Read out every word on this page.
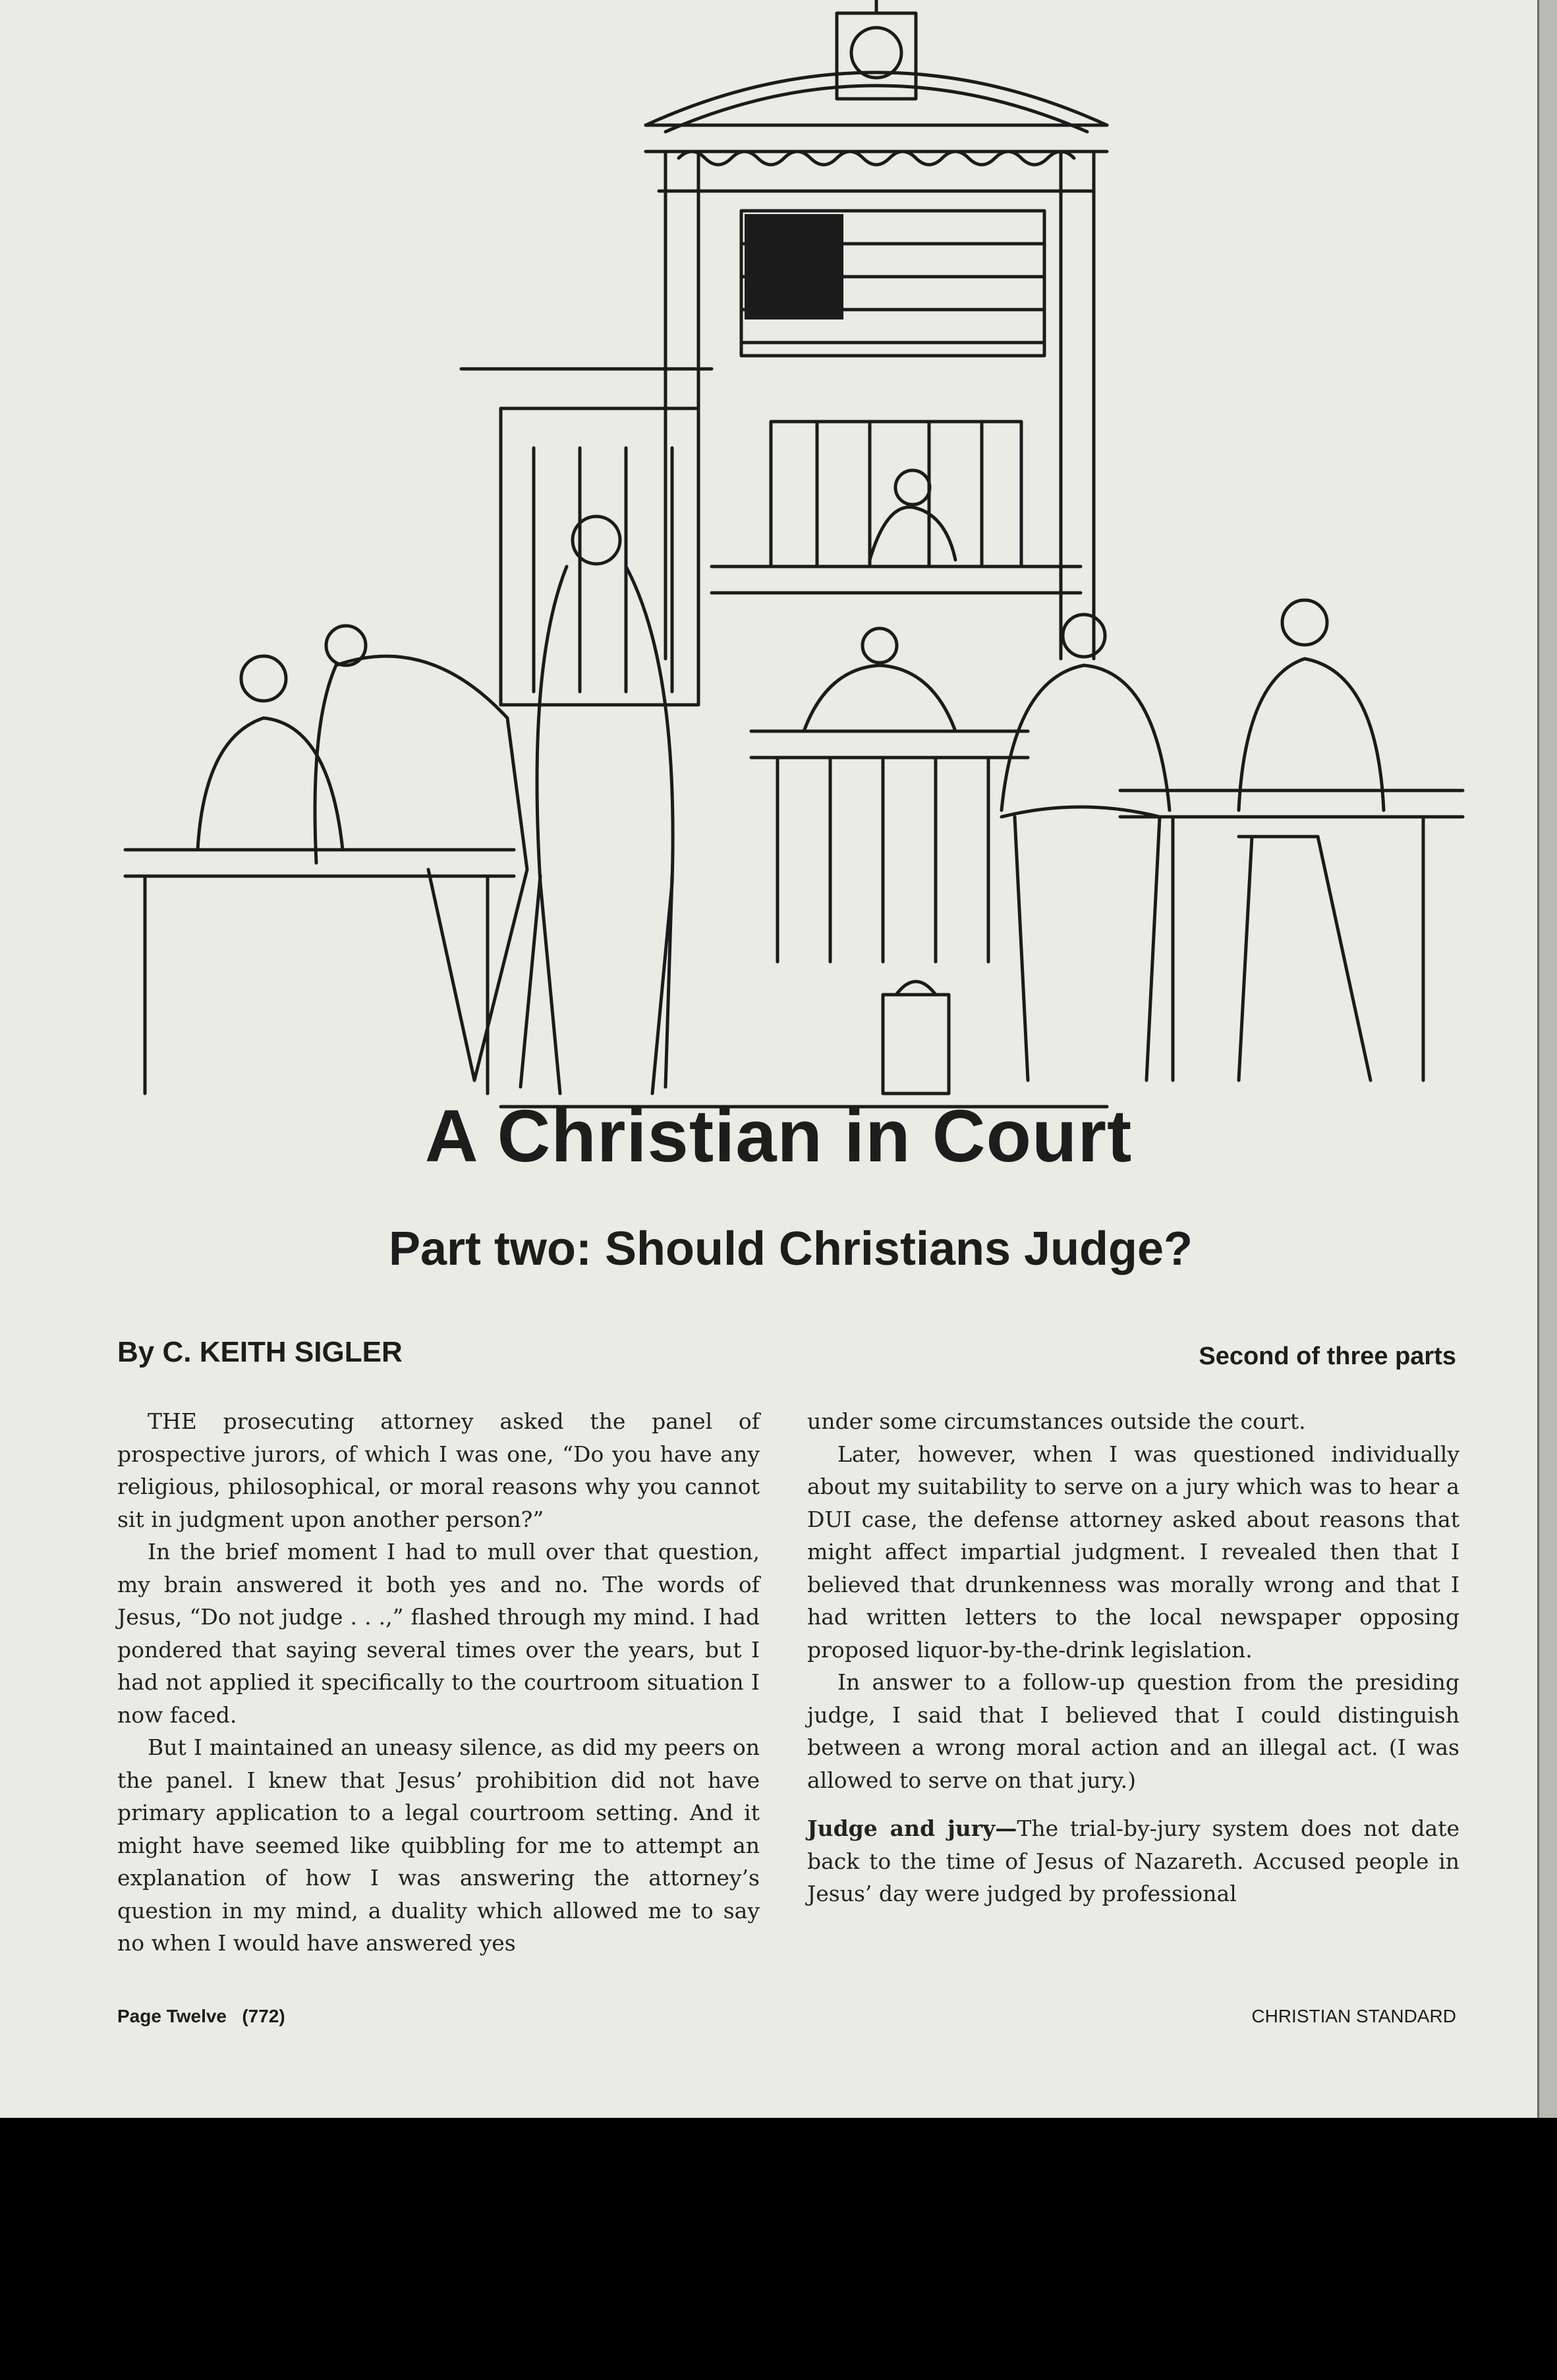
A Christian in Court
Part two: Should Christians Judge?
By C. KEITH SIGLER	Second of three parts

THE prosecuting attorney asked the panel of prospective jurors, of which I was one, “Do you have any religious, philosophical, or moral reasons why you cannot sit in judgment upon another person?”

In the brief moment I had to mull over that question, my brain answered it both yes and no. The words of Jesus, “Do not judge . . .,” flashed through my mind. I had pondered that saying several times over the years, but I had not applied it specifically to the courtroom situation I now faced.

But I maintained an uneasy silence, as did my peers on the panel. I knew that Jesus’ prohibition did not have primary application to a legal courtroom setting. And it might have seemed like quibbling for me to attempt an explanation of how I was answering the attorney’s question in my mind, a duality which allowed me to say no when I would have answered yes

under some circumstances outside the court.

Later, however, when I was questioned individually about my suitability to serve on a jury which was to hear a DUI case, the defense attorney asked about reasons that might affect impartial judgment. I revealed then that I believed that drunkenness was morally wrong and that I had written letters to the local newspaper opposing proposed liquor-by-the-drink legislation.

In answer to a follow-up question from the presiding judge, I said that I believed that I could distinguish between a wrong moral action and an illegal act. (I was allowed to serve on that jury.)

Judge and jury—The trial-by-jury system does not date back to the time of Jesus of Nazareth. Accused people in Jesus’ day were judged by professional

Page Twelve   (772)	CHRISTIAN STANDARD
